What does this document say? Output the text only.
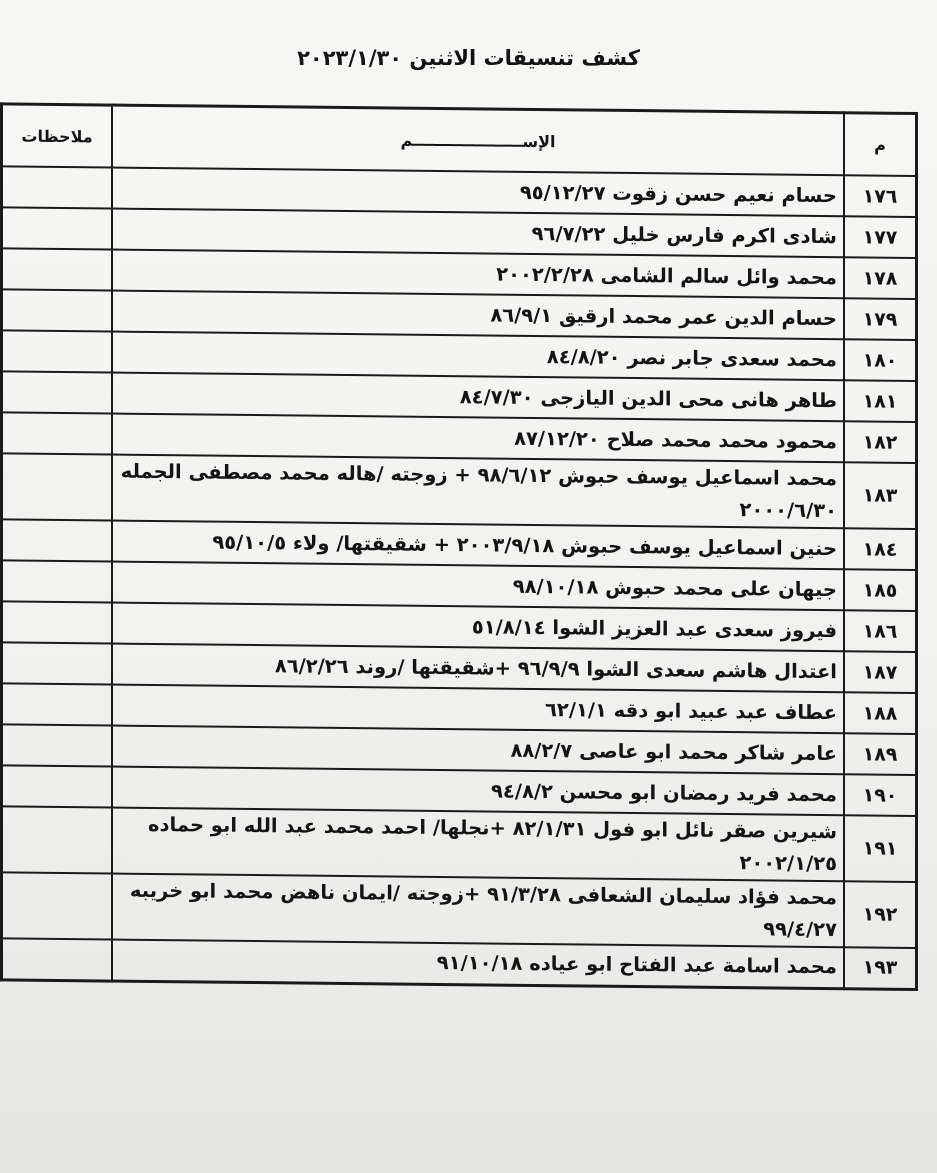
كشف تنسيقات الاثنين ٢٠٢٣/١/٣٠
م	الإســــــــــــــــــــم	ملاحظات
١٧٦	حسام نعيم حسن زقوت ٩٥/١٢/٢٧	
١٧٧	شادى اكرم فارس خليل ٩٦/٧/٢٢	
١٧٨	محمد وائل سالم الشامى ٢٠٠٢/٢/٢٨	
١٧٩	حسام الدين عمر محمد ارقيق ٨٦/٩/١	
١٨٠	محمد سعدى جابر نصر ٨٤/٨/٢٠	
١٨١	طاهر هانى محى الدين اليازجى ٨٤/٧/٣٠	
١٨٢	محمود محمد محمد صلاح ٨٧/١٢/٢٠	
١٨٣	محمد اسماعيل يوسف حبوش ٩٨/٦/١٢ + زوجته /هاله محمد مصطفى الجمله ٢٠٠٠/٦/٣٠	
١٨٤	حنين اسماعيل يوسف حبوش ٢٠٠٣/٩/١٨ + شقيقتها/ ولاء ٩٥/١٠/٥	
١٨٥	جيهان على محمد حبوش ٩٨/١٠/١٨	
١٨٦	فيروز سعدى عبد العزيز الشوا ٥١/٨/١٤	
١٨٧	اعتدال هاشم سعدى الشوا ٩٦/٩/٩ +شقيقتها /روند ٨٦/٢/٢٦	
١٨٨	عطاف عبد عبيد ابو دقه ٦٢/١/١	
١٨٩	عامر شاكر محمد ابو عاصى ٨٨/٢/٧	
١٩٠	محمد فريد رمضان ابو محسن ٩٤/٨/٢	
١٩١	شيرين صقر نائل ابو فول ٨٢/١/٣١ +نجلها/ احمد محمد عبد الله ابو حماده ٢٠٠٢/١/٢٥	
١٩٢	محمد فؤاد سليمان الشعافى ٩١/٣/٢٨ +زوجته /ايمان ناهض محمد ابو خريبه ٩٩/٤/٢٧	
١٩٣	محمد اسامة عبد الفتاح ابو عياده ٩١/١٠/١٨	
